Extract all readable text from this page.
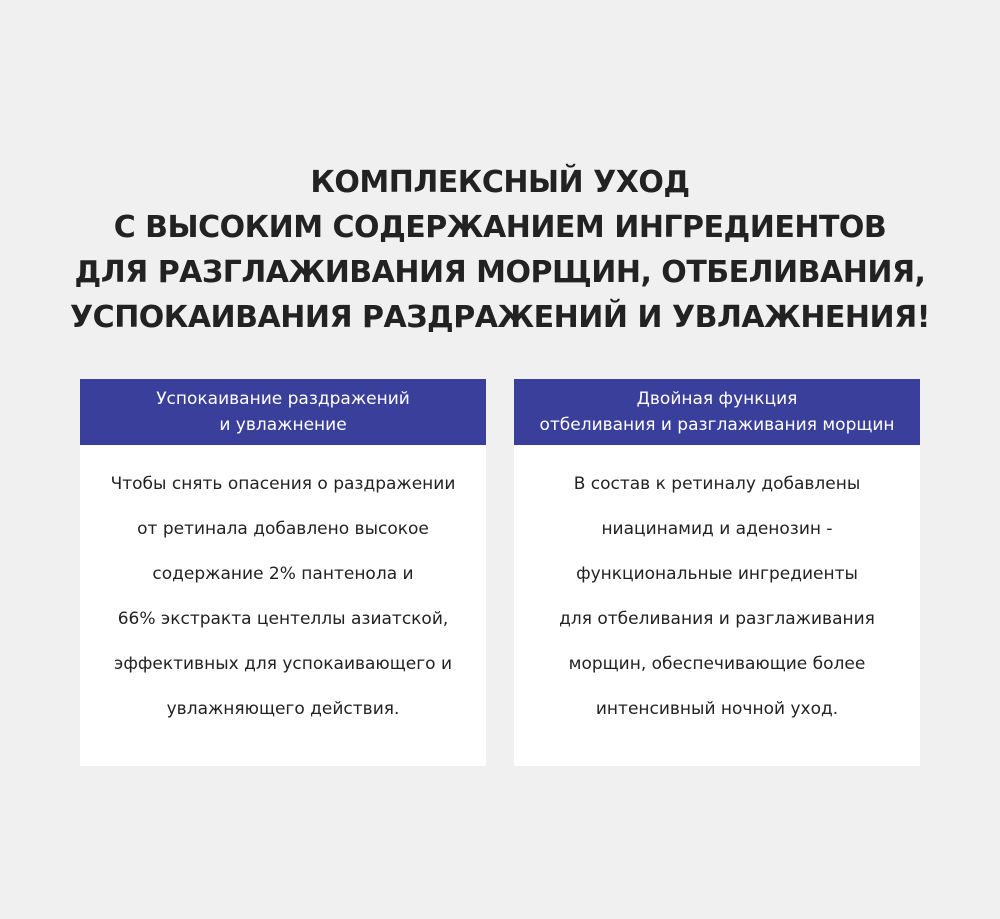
КОМПЛЕКСНЫЙ УХОД
С ВЫСОКИМ СОДЕРЖАНИЕМ ИНГРЕДИЕНТОВ
ДЛЯ РАЗГЛАЖИВАНИЯ МОРЩИН, ОТБЕЛИВАНИЯ,
УСПОКАИВАНИЯ РАЗДРАЖЕНИЙ И УВЛАЖНЕНИЯ!
Успокаивание раздражений
и увлажнение
Чтобы снять опасения о раздражении
от ретинала добавлено высокое
содержание 2% пантенола и
66% экстракта центеллы азиатской,
эффективных для успокаивающего и
увлажняющего действия.
Двойная функция
отбеливания и разглаживания морщин
В состав к ретиналу добавлены
ниацинамид и аденозин -
функциональные ингредиенты
для отбеливания и разглаживания
морщин, обеспечивающие более
интенсивный ночной уход.
